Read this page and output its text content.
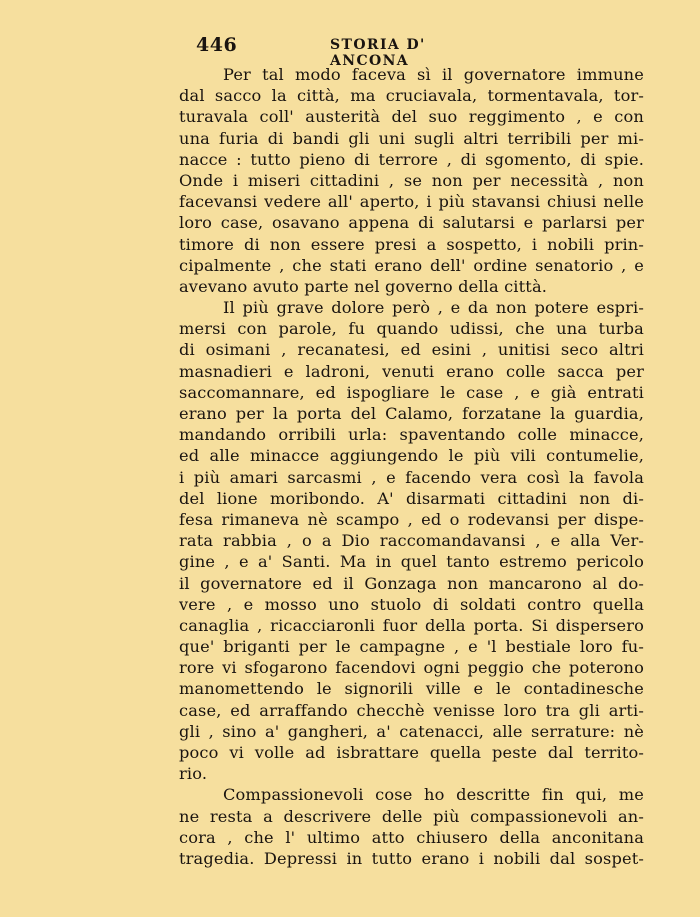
446	STORIA D' ANCONA
Per tal modo faceva sì il governatore immune
dal sacco la città, ma cruciavala, tormentavala, tor-
turavala coll' austerità del suo reggimento , e con
una furia di bandi gli uni sugli altri terribili per mi-
nacce : tutto pieno di terrore , di sgomento, di spie.
Onde i miseri cittadini , se non per necessità , non
facevansi vedere all' aperto, i più stavansi chiusi nelle
loro case, osavano appena di salutarsi e parlarsi per
timore di non essere presi a sospetto, i nobili prin-
cipalmente , che stati erano dell' ordine senatorio , e
avevano avuto parte nel governo della città.
Il più grave dolore però , e da non potere espri-
mersi con parole, fu quando udissi, che una turba
di osimani , recanatesi, ed esini , unitisi seco altri
masnadieri e ladroni, venuti erano colle sacca per
saccomannare, ed ispogliare le case , e già entrati
erano per la porta del Calamo, forzatane la guardia,
mandando orribili urla: spaventando colle minacce,
ed alle minacce aggiungendo le più vili contumelie,
i più amari sarcasmi , e facendo vera così la favola
del lione moribondo. A' disarmati cittadini non di-
fesa rimaneva nè scampo , ed o rodevansi per dispe-
rata rabbia , o a Dio raccomandavansi , e alla Ver-
gine , e a' Santi. Ma in quel tanto estremo pericolo
il governatore ed il Gonzaga non mancarono al do-
vere , e mosso uno stuolo di soldati contro quella
canaglia , ricacciaronli fuor della porta. Si dispersero
que' briganti per le campagne , e 'l bestiale loro fu-
rore vi sfogarono facendovi ogni peggio che poterono
manomettendo le signorili ville e le contadinesche
case, ed arraffando checchè venisse loro tra gli arti-
gli , sino a' gangheri, a' catenacci, alle serrature: nè
poco vi volle ad isbrattare quella peste dal territo-
rio.
Compassionevoli cose ho descritte fin qui, me
ne resta a descrivere delle più compassionevoli an-
cora , che l' ultimo atto chiusero della anconitana
tragedia. Depressi in tutto erano i nobili dal sospet-
